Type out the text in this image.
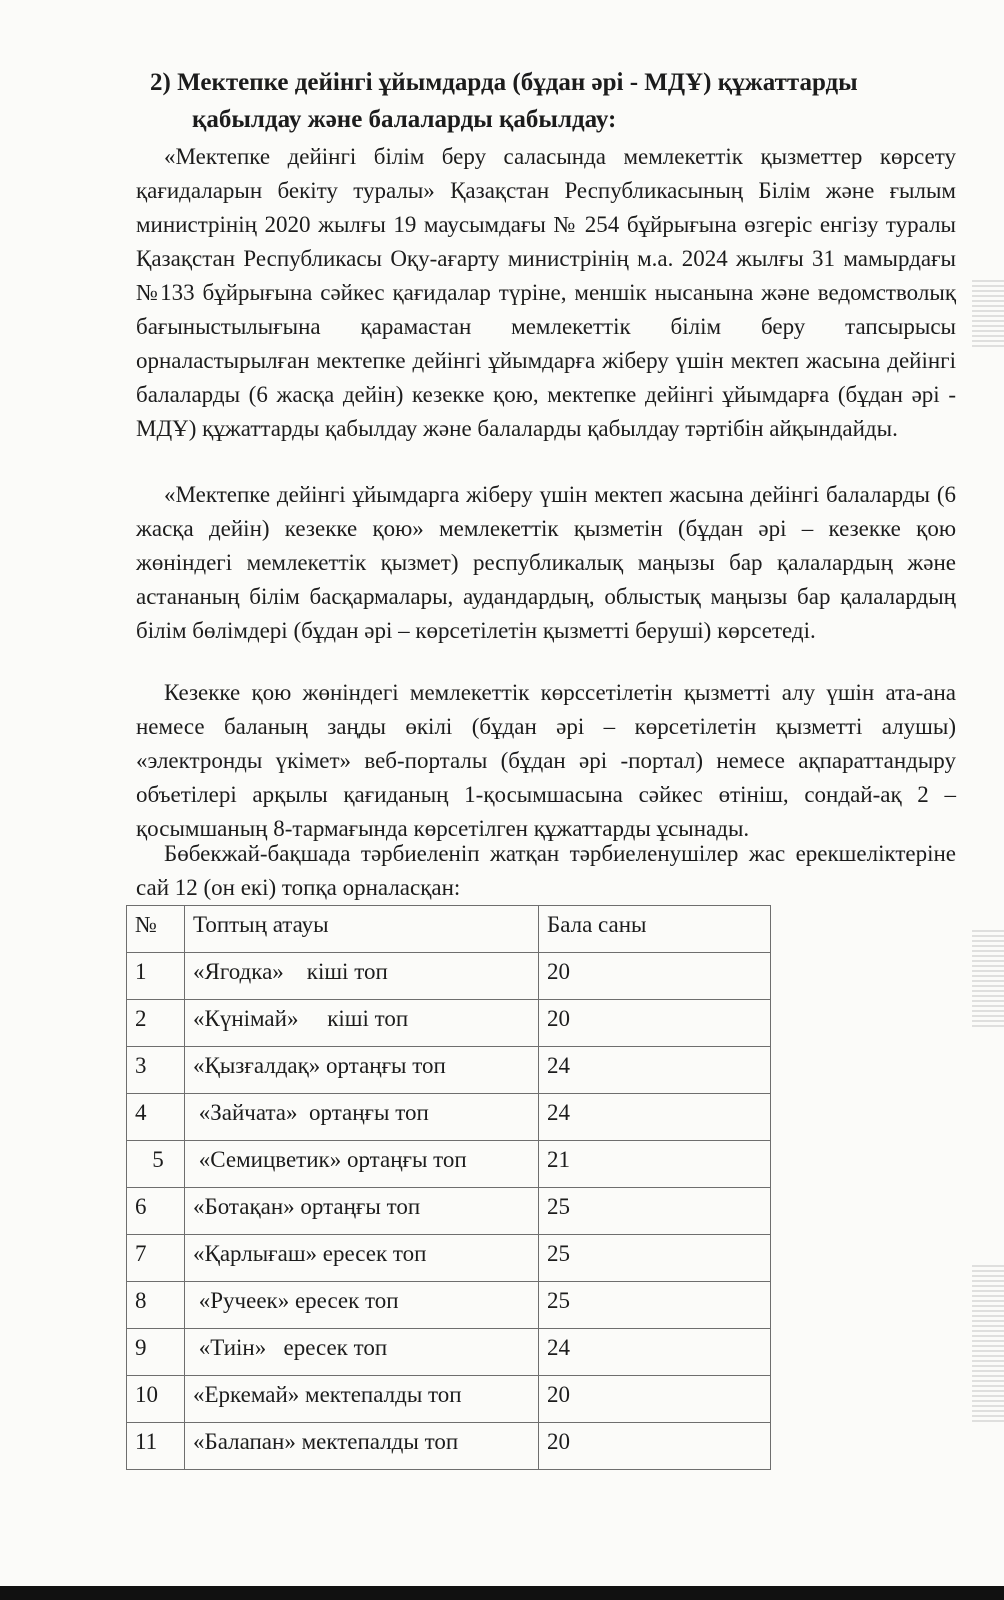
2) Мектепке дейінгі ұйымдарда (бұдан әрі - МДҰ) құжаттарды
қабылдау және балаларды қабылдау:

«Мектепке дейінгі білім беру саласында мемлекеттік қызметтер көрсету қағидаларын бекіту туралы» Қазақстан Республикасының Білім және ғылым министрінің 2020 жылғы 19 маусымдағы № 254 бұйрығына өзгеріс енгізу туралы Қазақстан Республикасы Оқу-ағарту министрінің м.а. 2024 жылғы 31 мамырдағы №133 бұйрығына сәйкес қағидалар түріне, меншік нысанына және ведомстволық бағыныстылығына қарамастан мемлекеттік білім беру тапсырысы орналастырылған мектепке дейінгі ұйымдарға жіберу үшін мектеп жасына дейінгі балаларды (6 жасқа дейін) кезекке қою, мектепке дейінгі ұйымдарға (бұдан әрі - МДҰ) құжаттарды қабылдау және балаларды қабылдау тәртібін айқындайды.

«Мектепке дейінгі ұйымдарга жіберу үшін мектеп жасына дейінгі балаларды (6 жасқа дейін) кезекке қою» мемлекеттік қызметін (бұдан әрі – кезекке қою жөніндегі мемлекеттік қызмет) республикалық маңызы бар қалалардың және астананың білім басқармалары, аудандардың, облыстық маңызы бар қалалардың білім бөлімдері (бұдан әрі – көрсетілетін қызметті беруші) көрсетеді.

Кезекке қою жөніндегі мемлекеттік көрссетілетін қызметті алу үшін ата-ана немесе баланың заңды өкілі (бұдан әрі – көрсетілетін қызметті алушы) «электронды үкімет» веб-порталы (бұдан әрі -портал) немесе ақпараттандыру объетілері арқылы қағиданың 1-қосымшасына сәйкес өтініш, сондай-ақ 2 – қосымшаның 8-тармағында көрсетілген құжаттарды ұсынады.

Бөбекжай-бақшада тәрбиеленіп жатқан тәрбиеленушілер жас ерекшеліктеріне сай 12 (он екі) топқа орналасқан:

№	Топтың атауы	Бала саны
1	«Ягодка»    кіші топ	20
2	«Күнімай»     кіші топ	20
3	«Қызғалдақ» ортаңғы топ	24
4	«Зайчата»  ортаңғы топ	24
5	«Семицветик» ортаңғы топ	21
6	«Ботақан» ортаңғы топ	25
7	«Қарлығаш» ересек топ	25
8	«Ручеек» ересек топ	25
9	«Тиін»   ересек топ	24
10	«Еркемай» мектепалды топ	20
11	«Балапан» мектепалды топ	20
